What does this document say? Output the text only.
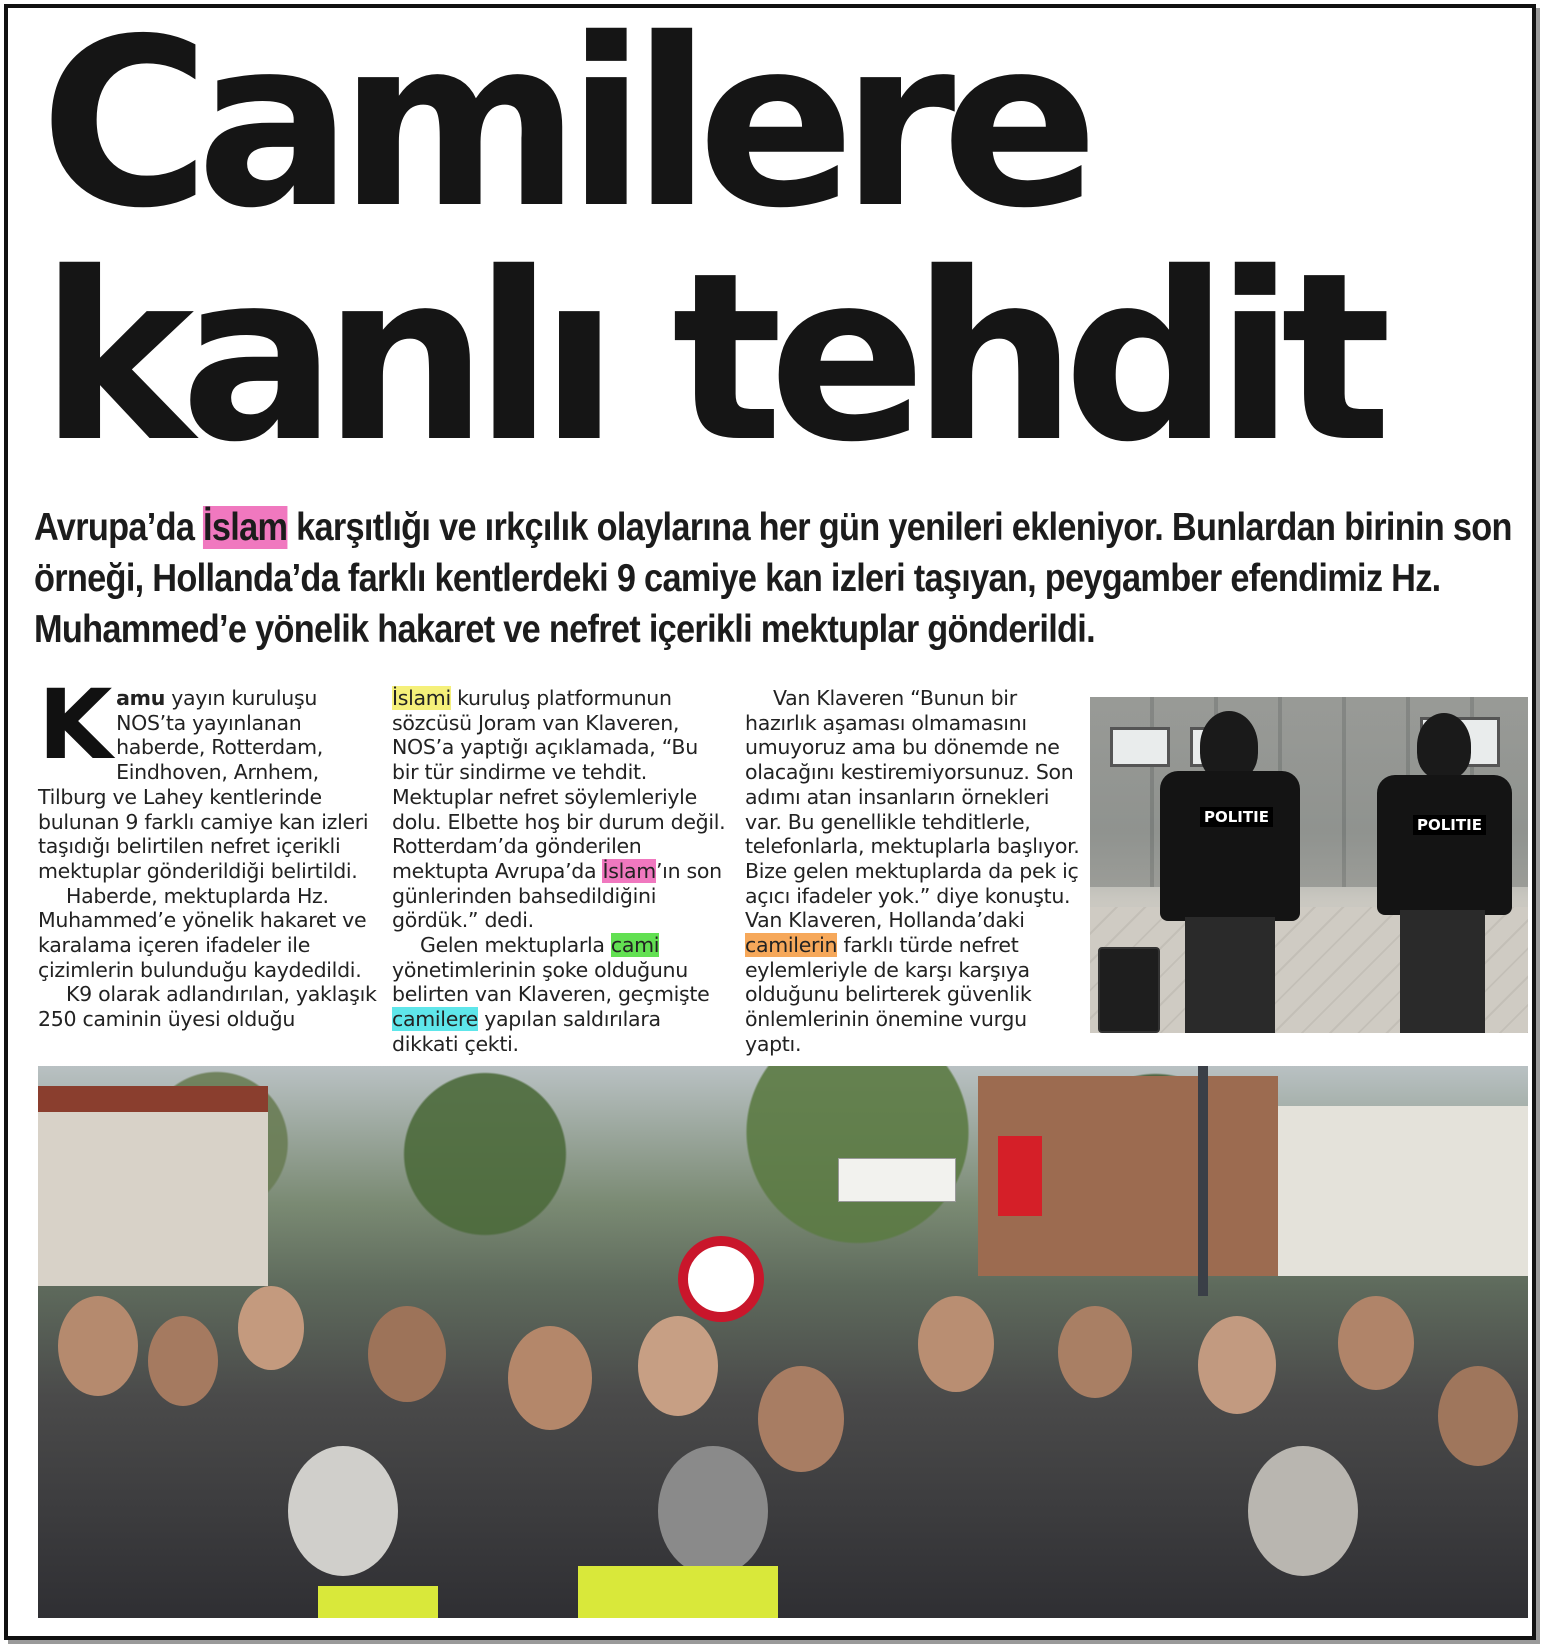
Camilere
kanlı tehdit
Avrupa’da İslam karşıtlığı ve ırkçılık olaylarına her gün yenileri ekleniyor. Bunlardan birinin son örneği, Hollanda’da farklı kentlerdeki 9 camiye kan izleri taşıyan, peygamber efendimiz Hz. Muhammed’e yönelik hakaret ve nefret içerikli mektuplar gönderildi.

Kamu yayın kuruluşu NOS’ta yayınlanan haberde, Rotterdam, Eindhoven, Arnhem, Tilburg ve Lahey kentlerinde bulunan 9 farklı camiye kan izleri taşıdığı belirtilen nefret içerikli mektuplar gönderildiği belirtildi.

Haberde, mektuplarda Hz. Muhammed’e yönelik hakaret ve karalama içeren ifadeler ile çizimlerin bulunduğu kaydedildi.

K9 olarak adlandırılan, yaklaşık 250 caminin üyesi olduğu

İslami kuruluş platformunun sözcüsü Joram van Klaveren, NOS’a yaptığı açıklamada, “Bu bir tür sindirme ve tehdit. Mektuplar nefret söylemleriyle dolu. Elbette hoş bir durum değil. Rotterdam’da gönderilen mektupta Avrupa’da İslam’ın son günlerinden bahsedildiğini gördük.” dedi.

Gelen mektuplarla cami yönetimlerinin şoke olduğunu belirten van Klaveren, geçmişte camilere yapılan saldırılara dikkati çekti.

Van Klaveren “Bunun bir hazırlık aşaması olmamasını umuyoruz ama bu dönemde ne olacağını kestiremiyorsunuz. Son adımı atan insanların örnekleri var. Bu genellikle tehditlerle, telefonlarla, mektuplarla başlıyor. Bize gelen mektuplarda da pek iç açıcı ifadeler yok.” diye konuştu. Van Klaveren, Hollanda’daki camilerin farklı türde nefret eylemleriyle de karşı karşıya olduğunu belirterek güvenlik önlemlerinin önemine vurgu yaptı.

POLITIE	POLITIE
